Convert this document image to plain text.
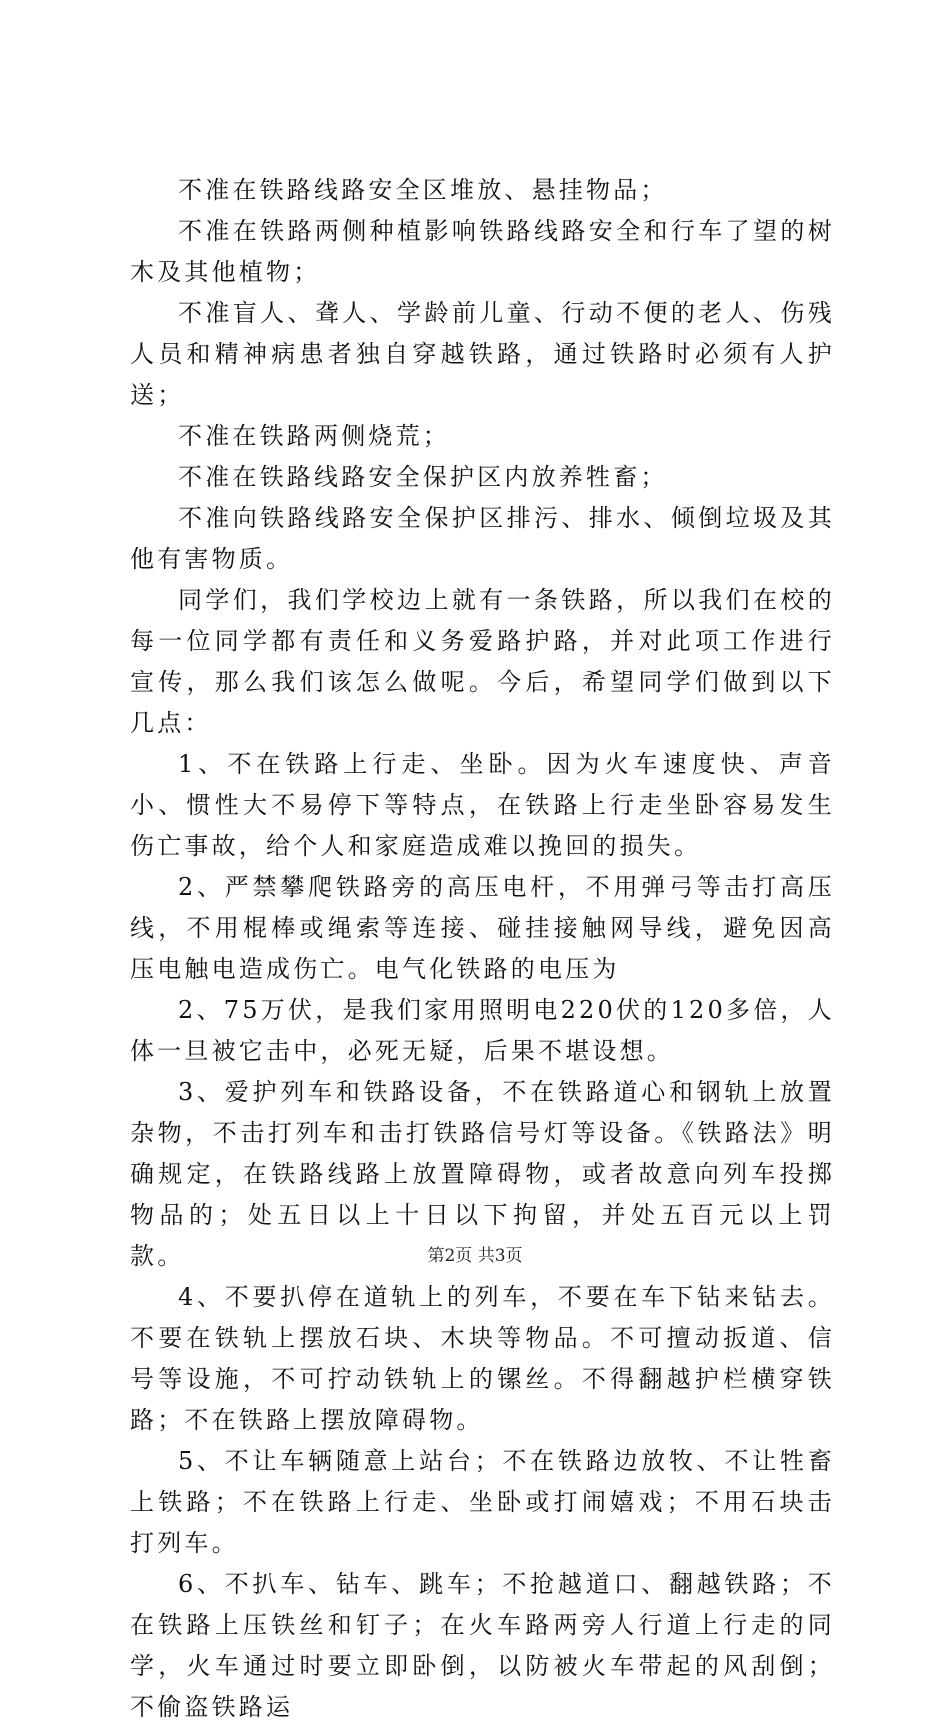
不准在铁路线路安全区堆放、悬挂物品；

不准在铁路两侧种植影响铁路线路安全和行车了望的树木及其他植物；

不准盲人、聋人、学龄前儿童、行动不便的老人、伤残人员和精神病患者独自穿越铁路，通过铁路时必须有人护送；

不准在铁路两侧烧荒；

不准在铁路线路安全保护区内放养牲畜；

不准向铁路线路安全保护区排污、排水、倾倒垃圾及其他有害物质。

同学们，我们学校边上就有一条铁路，所以我们在校的每一位同学都有责任和义务爱路护路，并对此项工作进行宣传，那么我们该怎么做呢。今后，希望同学们做到以下几点：

1、不在铁路上行走、坐卧。因为火车速度快、声音小、惯性大不易停下等特点，在铁路上行走坐卧容易发生伤亡事故，给个人和家庭造成难以挽回的损失。

2、严禁攀爬铁路旁的高压电杆，不用弹弓等击打高压线，不用棍棒或绳索等连接、碰挂接触网导线，避免因高压电触电造成伤亡。电气化铁路的电压为

2、75万伏，是我们家用照明电220伏的120多倍，人体一旦被它击中，必死无疑，后果不堪设想。

3、爱护列车和铁路设备，不在铁路道心和钢轨上放置杂物，不击打列车和击打铁路信号灯等设备。《铁路法》明确规定，在铁路线路上放置障碍物，或者故意向列车投掷物品的；处五日以上十日以下拘留，并处五百元以上罚款。

4、不要扒停在道轨上的列车，不要在车下钻来钻去。不要在铁轨上摆放石块、木块等物品。不可擅动扳道、信号等设施，不可拧动铁轨上的镙丝。不得翻越护栏横穿铁路；不在铁路上摆放障碍物。

5、不让车辆随意上站台；不在铁路边放牧、不让牲畜上铁路；不在铁路上行走、坐卧或打闹嬉戏；不用石块击打列车。

6、不扒车、钻车、跳车；不抢越道口、翻越铁路；不在铁路上压铁丝和钉子；在火车路两旁人行道上行走的同学，火车通过时要立即卧倒，以防被火车带起的风刮倒；不偷盗铁路运

第2页 共3页
